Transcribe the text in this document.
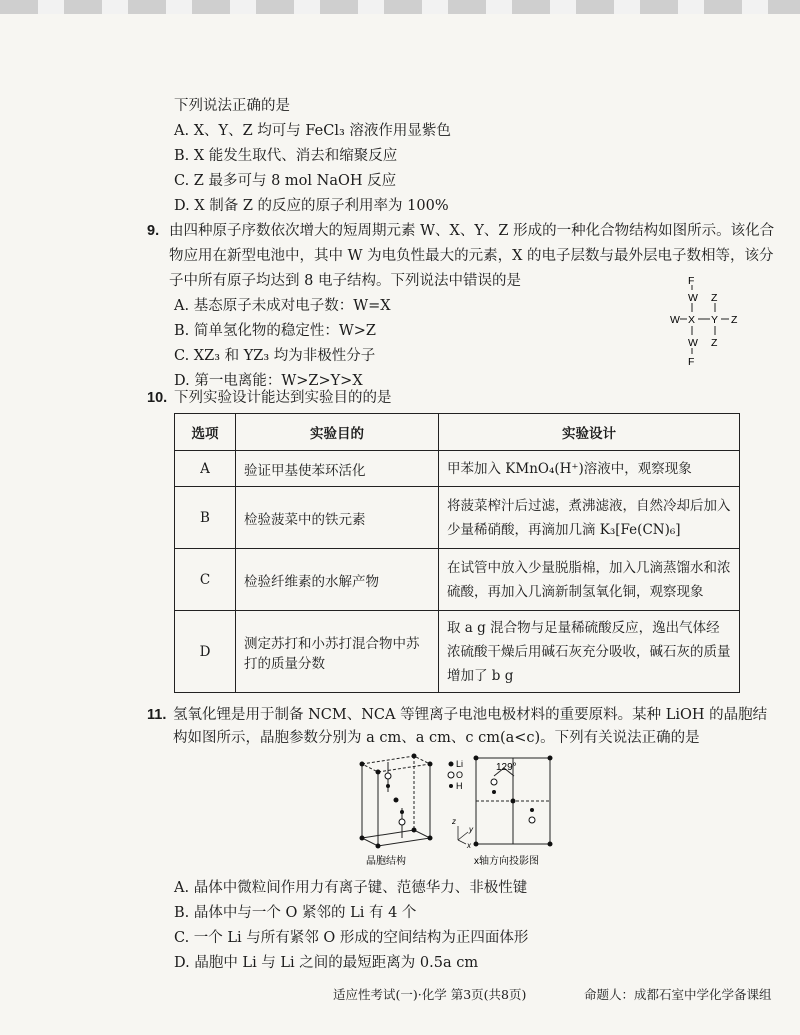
下列说法正确的是
A. X、Y、Z 均可与 FeCl₃ 溶液作用显紫色
B. X 能发生取代、消去和缩聚反应
C. Z 最多可与 8 mol NaOH 反应
D. X 制备 Z 的反应的原子利用率为 100%
9. 由四种原子序数依次增大的短周期元素 W、X、Y、Z 形成的一种化合物结构如图所示。该化合
物应用在新型电池中，其中 W 为电负性最大的元素，X 的电子层数与最外层电子数相等，该分
子中所有原子均达到 8 电子结构。下列说法中错误的是
A. 基态原子未成对电子数：W=X
B. 简单氢化物的稳定性：W>Z
C. XZ₃ 和 YZ₃ 均为非极性分子
D. 第一电离能：W>Z>Y>X
F
W Z
W X Y Z
W Z
F
10. 下列实验设计能达到实验目的的是
选项	实验目的	实验设计
A	验证甲基使苯环活化	甲苯加入 KMnO₄(H⁺)溶液中，观察现象
B	检验菠菜中的铁元素	将菠菜榨汁后过滤，煮沸滤液，自然冷却后加入少量稀硝酸，再滴加几滴 K₃[Fe(CN)₆]
C	检验纤维素的水解产物	在试管中放入少量脱脂棉，加入几滴蒸馏水和浓硫酸，再加入几滴新制氢氧化铜，观察现象
D	测定苏打和小苏打混合物中苏打的质量分数	取 a g 混合物与足量稀硫酸反应，逸出气体经浓硫酸干燥后用碱石灰充分吸收，碱石灰的质量增加了 b g
11. 氢氧化锂是用于制备 NCM、NCA 等锂离子电池电极材料的重要原料。某种 LiOH 的晶胞结
构如图所示，晶胞参数分别为 a cm、a cm、c cm(a<c)。下列有关说法正确的是
z
y
x
Li
O
H
129°
晶胞结构	x轴方向投影图
A. 晶体中微粒间作用力有离子键、范德华力、非极性键
B. 晶体中与一个 O 紧邻的 Li 有 4 个
C. 一个 Li 与所有紧邻 O 形成的空间结构为正四面体形
D. 晶胞中 Li 与 Li 之间的最短距离为 0.5a cm
适应性考试(一)·化学 第3页(共8页)	命题人：成都石室中学化学备课组
